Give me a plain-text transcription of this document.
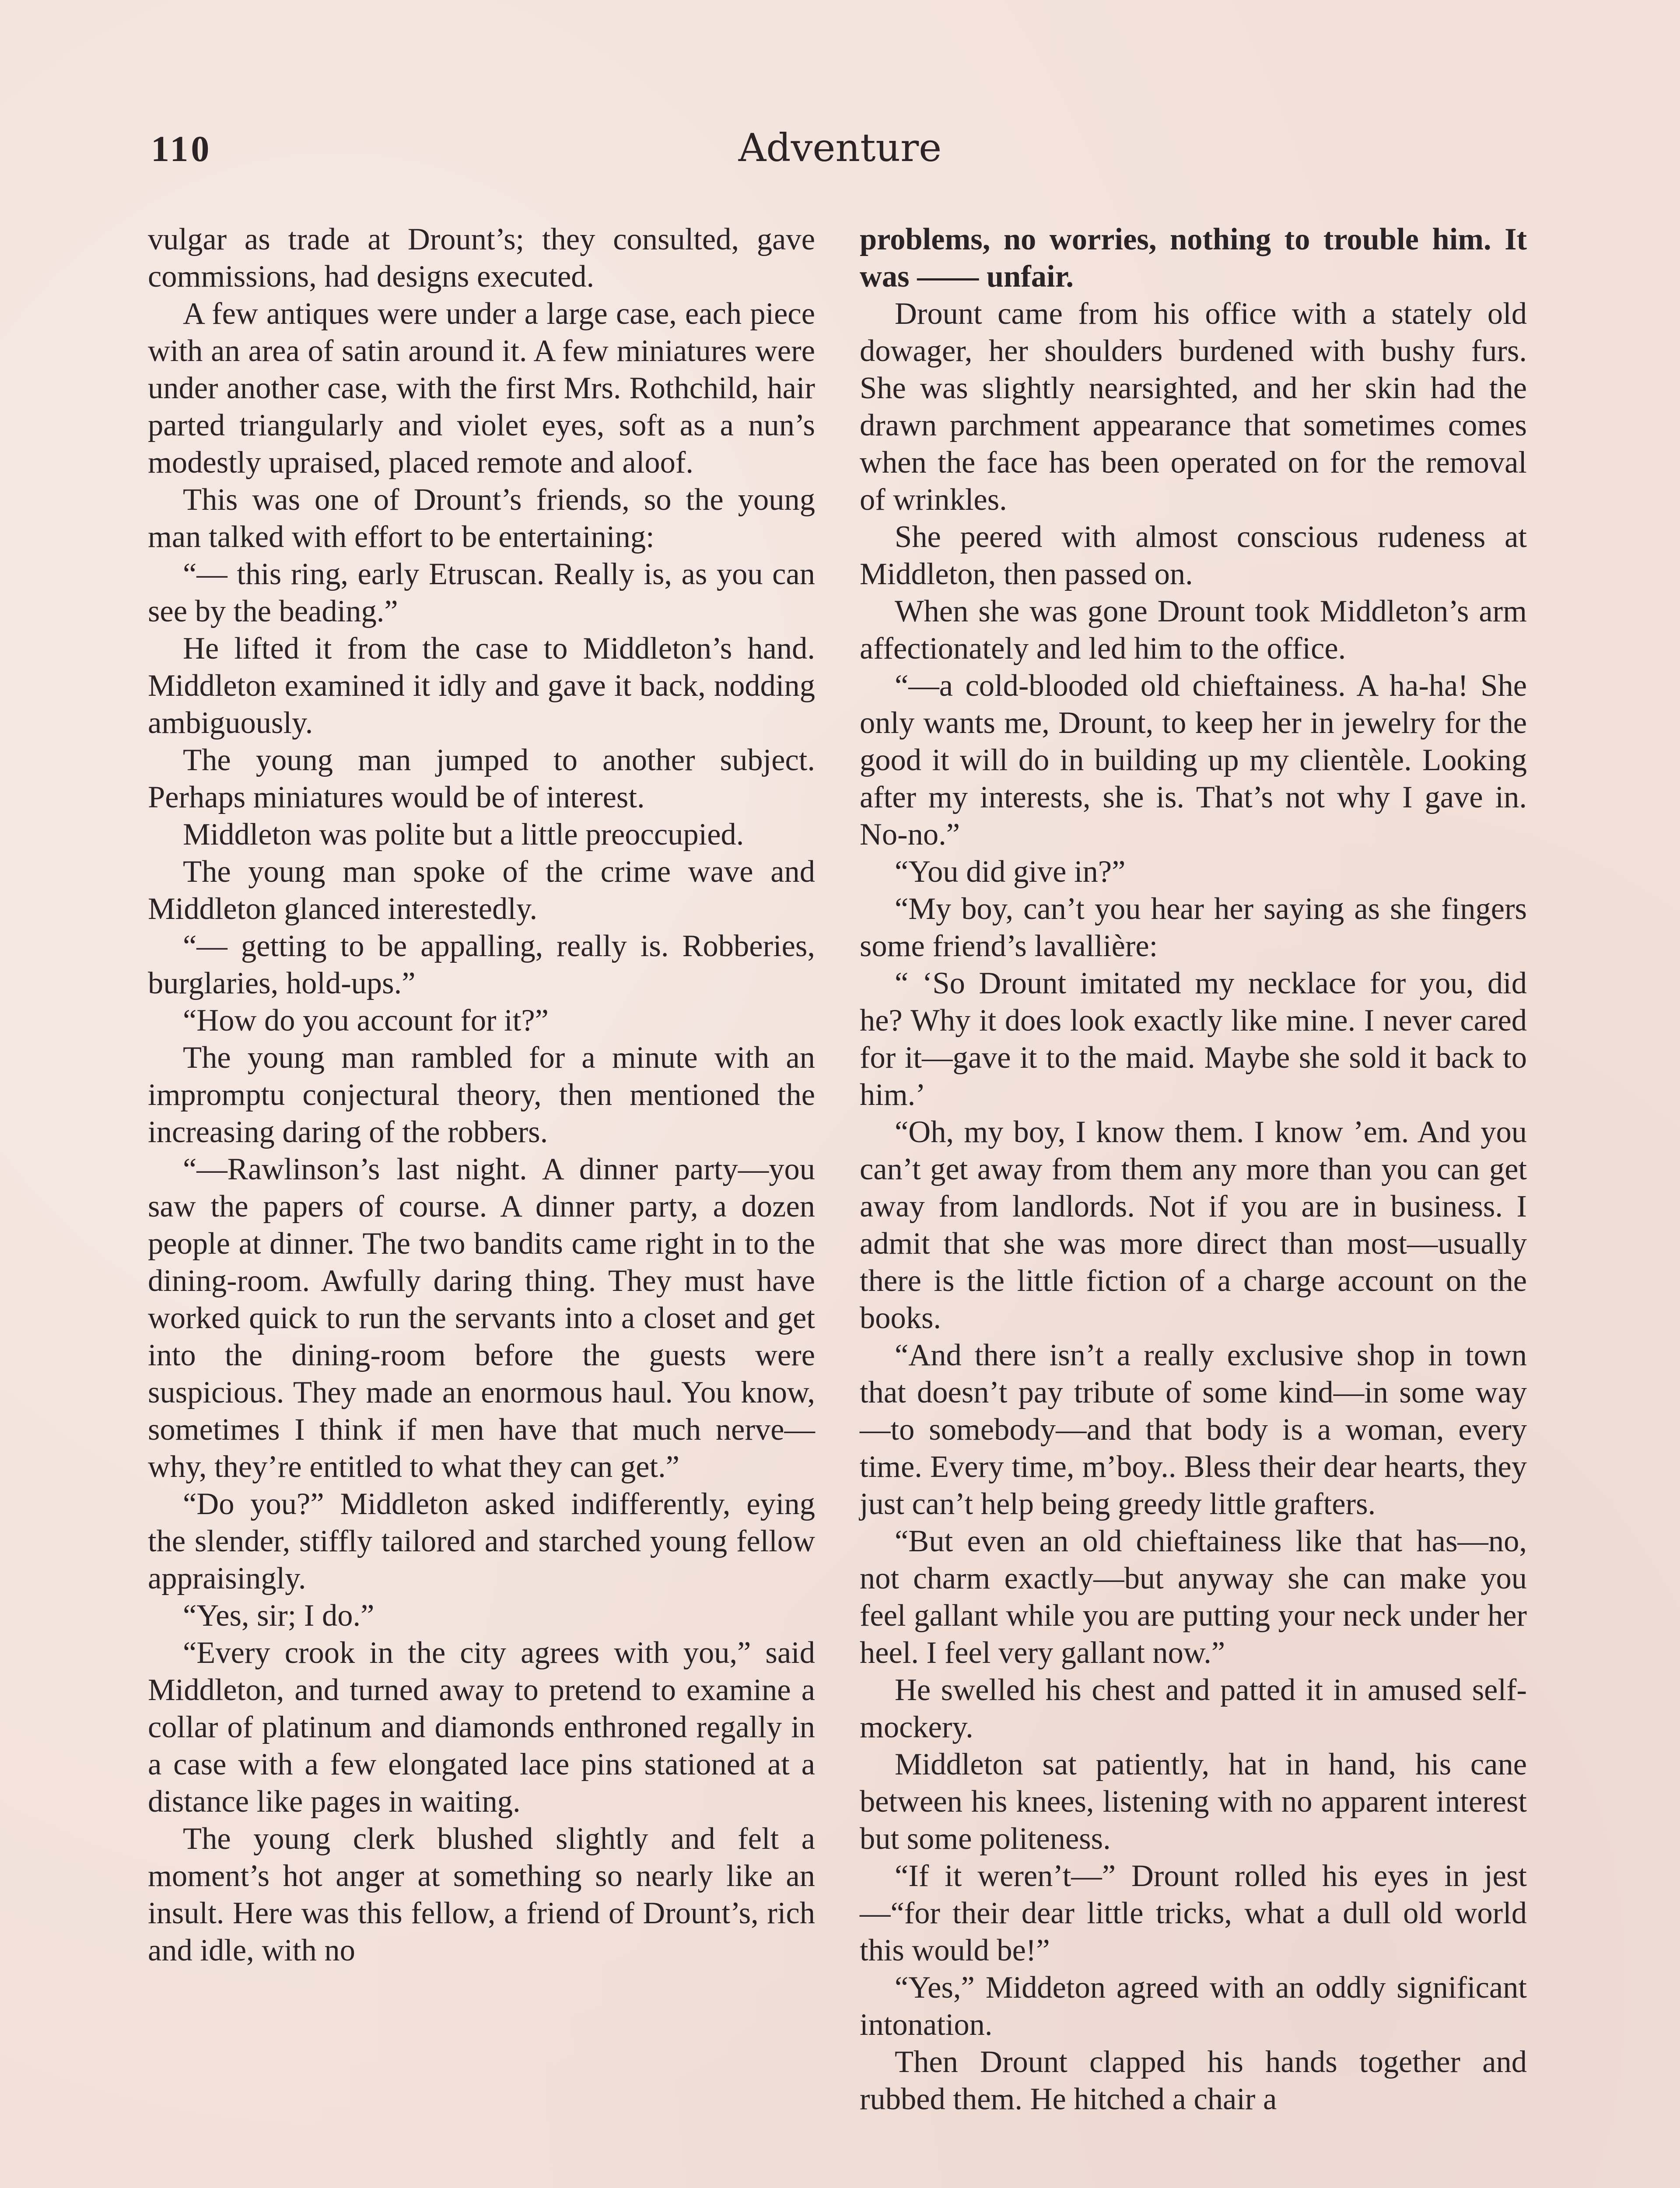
110	Adventure

vulgar as trade at Drount’s; they consulted, gave commissions, had designs executed.

A few antiques were under a large case, each piece with an area of satin around it. A few miniatures were under another case, with the first Mrs. Rothchild, hair parted triangularly and violet eyes, soft as a nun’s modestly upraised, placed remote and aloof.

This was one of Drount’s friends, so the young man talked with effort to be entertaining:

“— this ring, early Etruscan. Really is, as you can see by the beading.”

He lifted it from the case to Middleton’s hand. Middleton examined it idly and gave it back, nodding ambiguously.

The young man jumped to another subject. Perhaps miniatures would be of interest.

Middleton was polite but a little preoccupied.

The young man spoke of the crime wave and Middleton glanced interestedly.

“— getting to be appalling, really is. Robberies, burglaries, hold-ups.”

“How do you account for it?”

The young man rambled for a minute with an impromptu conjectural theory, then mentioned the increasing daring of the robbers.

“—Rawlinson’s last night. A dinner party—you saw the papers of course. A dinner party, a dozen people at dinner. The two bandits came right in to the dining-room. Awfully daring thing. They must have worked quick to run the servants into a closet and get into the dining-room before the guests were suspicious. They made an enormous haul. You know, sometimes I think if men have that much nerve—why, they’re entitled to what they can get.”

“Do you?” Middleton asked indifferently, eying the slender, stiffly tailored and starched young fellow appraisingly.

“Yes, sir; I do.”

“Every crook in the city agrees with you,” said Middleton, and turned away to pretend to examine a collar of platinum and diamonds enthroned regally in a case with a few elongated lace pins stationed at a distance like pages in waiting.

The young clerk blushed slightly and felt a moment’s hot anger at something so nearly like an insult. Here was this fellow, a friend of Drount’s, rich and idle, with no

problems, no worries, nothing to trouble him. It was —— unfair.

Drount came from his office with a stately old dowager, her shoulders burdened with bushy furs. She was slightly nearsighted, and her skin had the drawn parchment appearance that sometimes comes when the face has been operated on for the removal of wrinkles.

She peered with almost conscious rudeness at Middleton, then passed on.

When she was gone Drount took Middleton’s arm affectionately and led him to the office.

“—a cold-blooded old chieftainess. A ha-ha! She only wants me, Drount, to keep her in jewelry for the good it will do in building up my clientèle. Looking after my interests, she is. That’s not why I gave in. No-no.”

“You did give in?”

“My boy, can’t you hear her saying as she fingers some friend’s lavallière:

“ ‘So Drount imitated my necklace for you, did he? Why it does look exactly like mine. I never cared for it—gave it to the maid. Maybe she sold it back to him.’

“Oh, my boy, I know them. I know ’em. And you can’t get away from them any more than you can get away from landlords. Not if you are in business. I admit that she was more direct than most—usually there is the little fiction of a charge account on the books.

“And there isn’t a really exclusive shop in town that doesn’t pay tribute of some kind—in some way—to somebody—and that body is a woman, every time. Every time, m’boy.. Bless their dear hearts, they just can’t help being greedy little grafters.

“But even an old chieftainess like that has—no, not charm exactly—but anyway she can make you feel gallant while you are putting your neck under her heel. I feel very gallant now.”

He swelled his chest and patted it in amused self-mockery.

Middleton sat patiently, hat in hand, his cane between his knees, listening with no apparent interest but some politeness.

“If it weren’t—” Drount rolled his eyes in jest—“for their dear little tricks, what a dull old world this would be!”

“Yes,” Middeton agreed with an oddly significant intonation.

Then Drount clapped his hands together and rubbed them. He hitched a chair a
